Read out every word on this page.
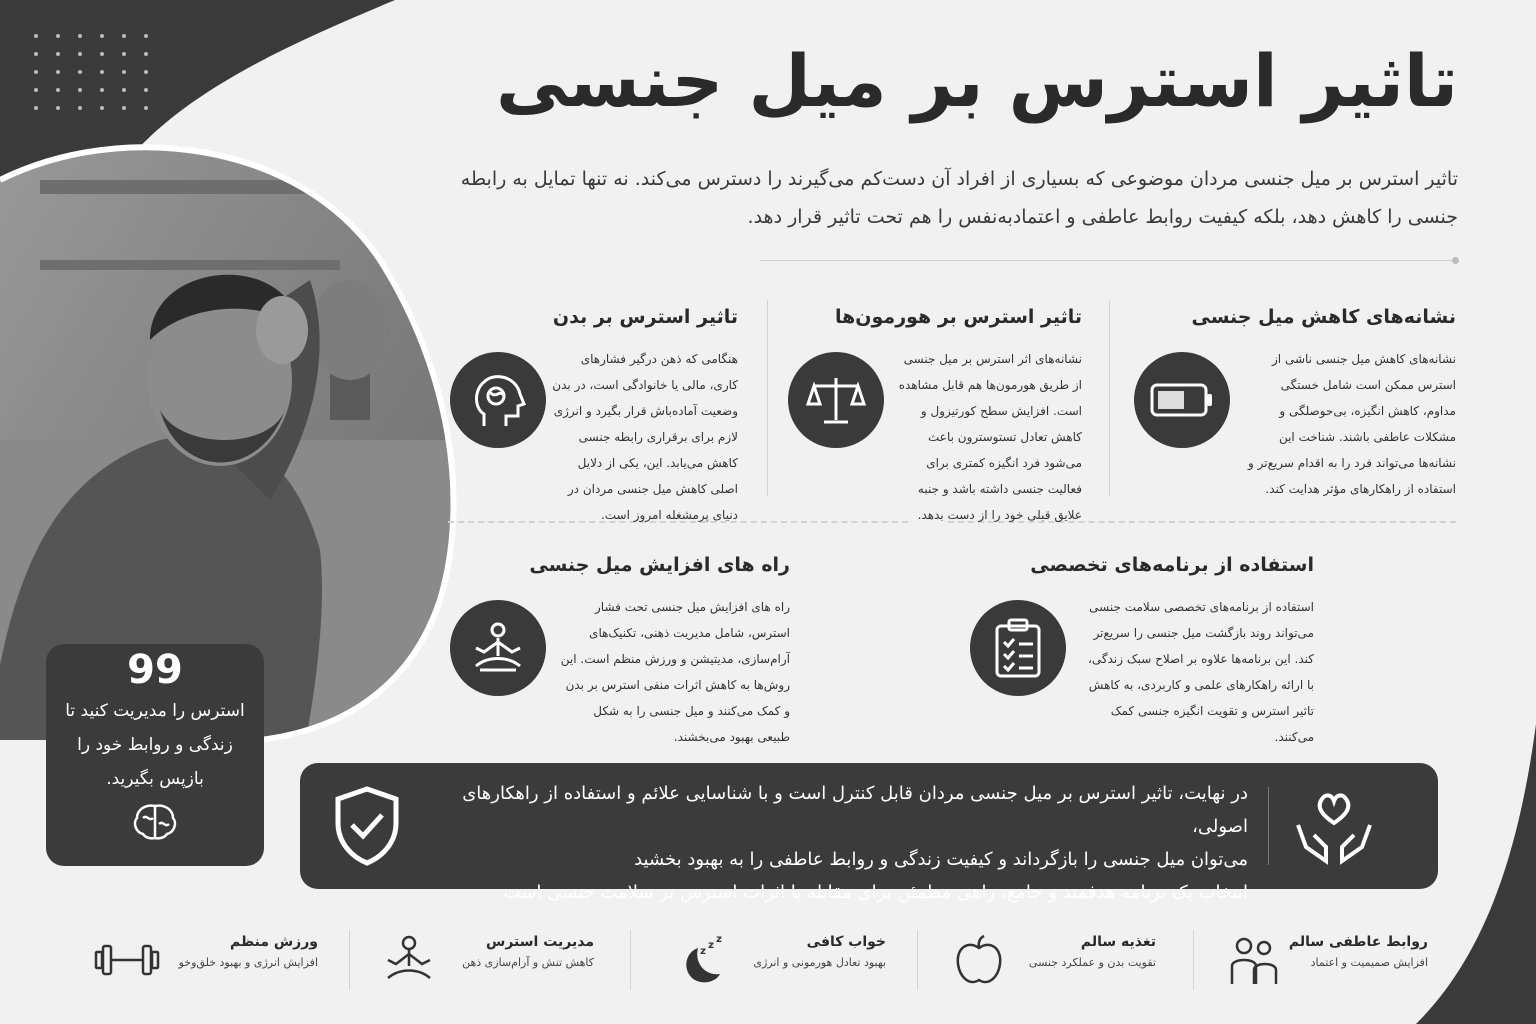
تاثیر استرس بر میل جنسی
تاثیر استرس بر میل جنسی مردان موضوعی که بسیاری از افراد آن دست‌کم می‌گیرند را دسترس می‌کند. نه تنها تمایل به رابطه جنسی را کاهش دهد، بلکه کیفیت روابط عاطفی و اعتمادبه‌نفس را هم تحت تاثیر قرار دهد.
نشانه‌های کاهش میل جنسی
نشانه‌های کاهش میل جنسی ناشی از استرس ممکن است شامل خستگی مداوم، کاهش انگیزه، بی‌حوصلگی و مشکلات عاطفی باشند. شناخت این نشانه‌ها می‌تواند فرد را به اقدام سریع‌تر و استفاده از راهکارهای مؤثر هدایت کند.
تاثیر استرس بر هورمون‌ها
نشانه‌های اثر استرس بر میل جنسی از طریق هورمون‌ها هم قابل مشاهده است. افزایش سطح کورتیزول و کاهش تعادل تستوسترون باعث می‌شود فرد انگیزه کمتری برای فعالیت جنسی داشته باشد و جنبه علایق قبلی خود را از دست بدهد.
تاثیر استرس بر بدن
هنگامی که ذهن درگیر فشارهای کاری، مالی یا خانوادگی است، در بدن وضعیت آماده‌باش قرار بگیرد و انرژی لازم برای برقراری رابطه جنسی کاهش می‌یابد. این، یکی از دلایل اصلی کاهش میل جنسی مردان در دنیای پرمشغله امروز است.
استفاده از برنامه‌های تخصصی
استفاده از برنامه‌های تخصصی سلامت جنسی می‌تواند روند بازگشت میل جنسی را سریع‌تر کند. این برنامه‌ها علاوه بر اصلاح سبک زندگی، با ارائه راهکارهای علمی و کاربردی، به کاهش تاثیر استرس و تقویت انگیزه جنسی کمک می‌کنند.
راه های افزایش میل جنسی
راه های افزایش میل جنسی تحت فشار استرس، شامل مدیریت ذهنی، تکنیک‌های آرام‌سازی، مدیتیشن و ورزش منظم است. این روش‌ها به کاهش اثرات منفی استرس بر بدن و کمک می‌کنند و میل جنسی را به شکل طبیعی بهبود می‌بخشند.
99
استرس را مدیریت کنید تا زندگی و روابط خود را بازپس بگیرید.
در نهایت، تاثیر استرس بر میل جنسی مردان قابل کنترل است و با شناسایی علائم و استفاده از راهکارهای اصولی،
می‌توان میل جنسی را بازگرداند و کیفیت زندگی و روابط عاطفی را به بهبود بخشید
انتخاب یک برنامه هدفمند و جامع، راهی مطمئن برای مقابله با اثرات استرس بر سلامت جنسی است
روابط عاطفی سالم

افزایش صمیمیت و اعتماد

تغذیه سالم

تقویت بدن و عملکرد جنسی

خواب کافی

بهبود تعادل هورمونی و انرژی

z
z
z
مدیریت استرس

کاهش تنش و آرام‌سازی ذهن

ورزش منظم

افزایش انرژی و بهبود خلق‌وخو
